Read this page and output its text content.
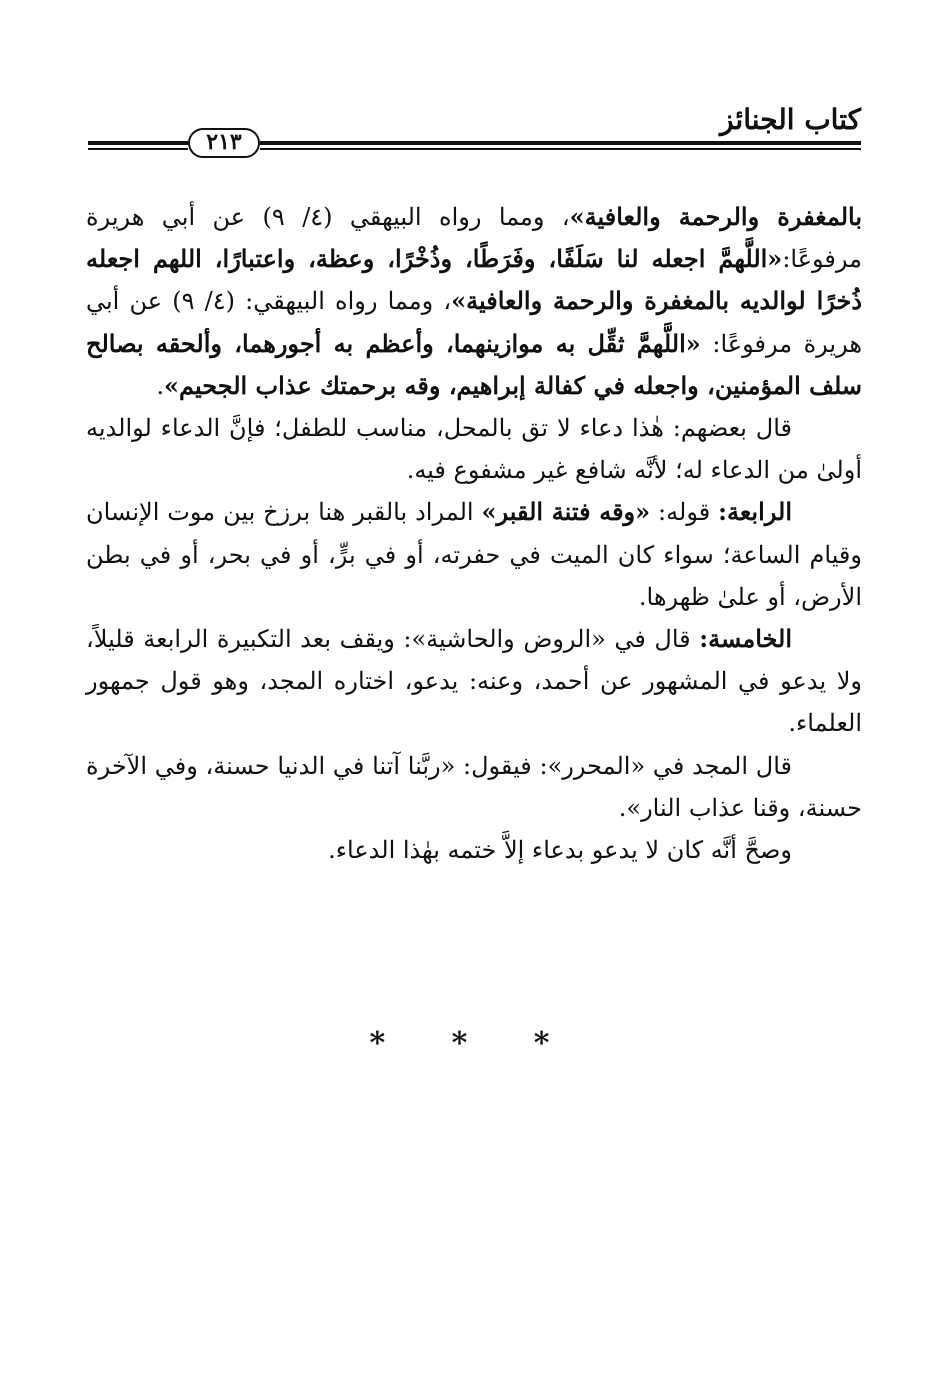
كتاب الجنائز
٢١٣

بالمغفرة والرحمة والعافية»، ومما رواه البيهقي (٤/ ٩) عن أبي هريرة مرفوعًا:«اللَّهمَّ اجعله لنا سَلَفًا، وفَرَطًا، وذُخْرًا، وعظة، واعتبارًا، اللهم اجعله ذُخرًا لوالديه بالمغفرة والرحمة والعافية»، ومما رواه البيهقي: (٤/ ٩) عن أبي هريرة مرفوعًا: «اللَّهمَّ ثقِّل به موازينهما، وأعظم به أجورهما، وألحقه بصالح سلف المؤمنين، واجعله في كفالة إبراهيم، وقه برحمتك عذاب الجحيم».

قال بعضهم: هٰذا دعاء لا تق بالمحل، مناسب للطفل؛ فإنَّ الدعاء لوالديه أولىٰ من الدعاء له؛ لأنَّه شافع غير مشفوع فيه.

الرابعة: قوله: «وقه فتنة القبر» المراد بالقبر هنا برزخ بين موت الإنسان وقيام الساعة؛ سواء كان الميت في حفرته، أو في برٍّ، أو في بحر، أو في بطن الأرض، أو علىٰ ظهرها.

الخامسة: قال في «الروض والحاشية»: ويقف بعد التكبيرة الرابعة قليلاً، ولا يدعو في المشهور عن أحمد، وعنه: يدعو، اختاره المجد، وهو قول جمهور العلماء.

قال المجد في «المحرر»: فيقول: «ربَّنا آتنا في الدنيا حسنة، وفي الآخرة حسنة، وقنا عذاب النار».

وصحَّ أنَّه كان لا يدعو بدعاء إلاَّ ختمه بهٰذا الدعاء.

* * *
